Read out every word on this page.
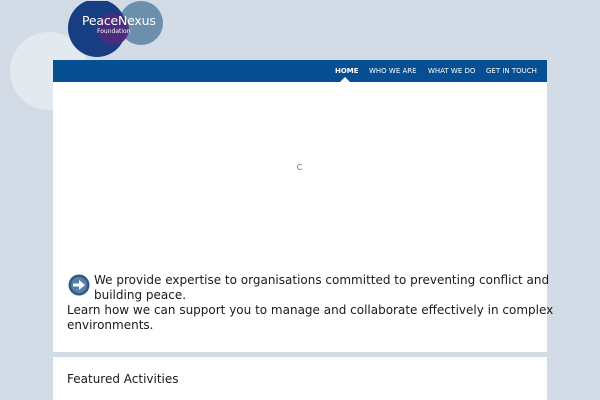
PeaceNexus
Foundation
HOME WHO WE ARE WHAT WE DO GET IN TOUCH
We provide expertise to organisations committed to preventing conflict and
building peace.
Learn how we can support you to manage and collaborate effectively in complex
environments.
Featured Activities
